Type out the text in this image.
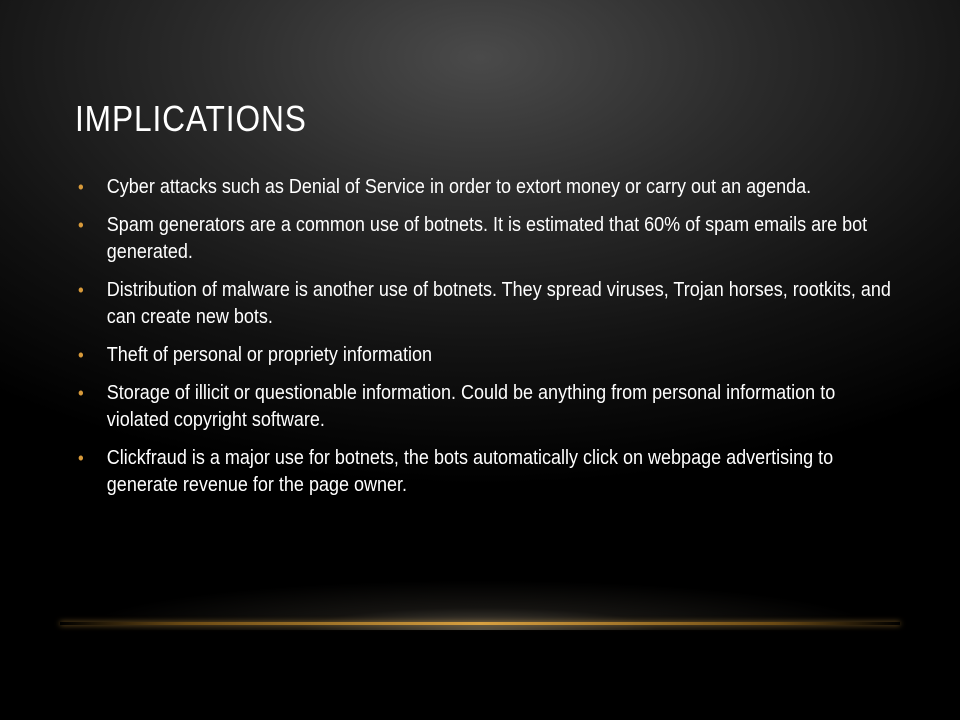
IMPLICATIONS
• Cyber attacks such as Denial of Service in order to extort money or carry out an agenda.
• Spam generators are a common use of botnets. It is estimated that 60% of spam emails are bot generated.
• Distribution of malware is another use of botnets. They spread viruses, Trojan horses, rootkits, and can create new bots.
• Theft of personal or propriety information
• Storage of illicit or questionable information. Could be anything from personal information to violated copyright software.
• Clickfraud is a major use for botnets, the bots automatically click on webpage advertising to generate revenue for the page owner.
